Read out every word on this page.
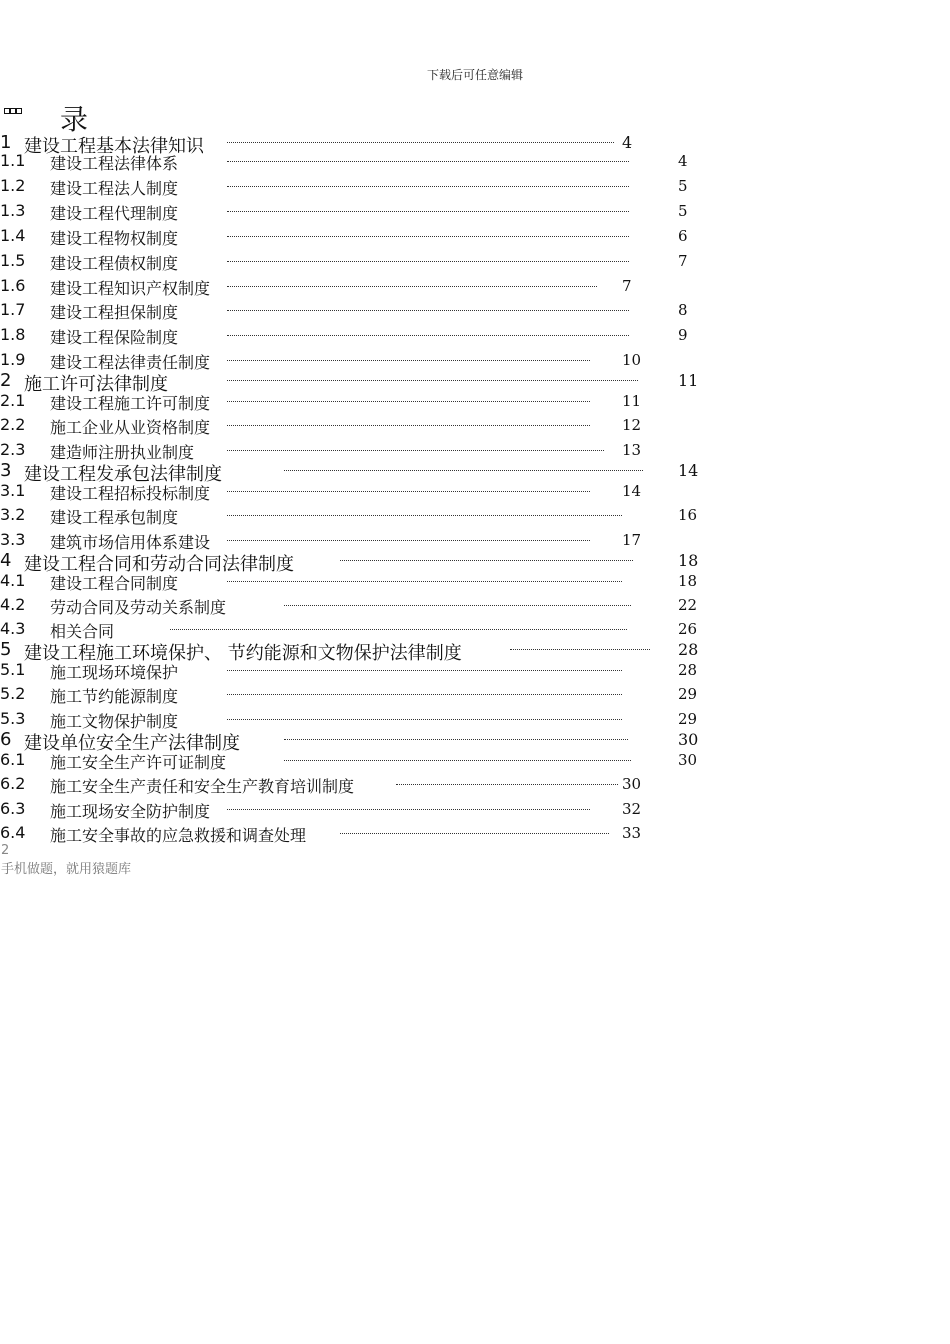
下载后可任意编辑
录
1 建设工程基本法律知识	4
1.1 建设工程法律体系	4
1.2 建设工程法人制度	5
1.3 建设工程代理制度	5
1.4 建设工程物权制度	6
1.5 建设工程债权制度	7
1.6 建设工程知识产权制度	7
1.7 建设工程担保制度	8
1.8 建设工程保险制度	9
1.9 建设工程法律责任制度	10
2 施工许可法律制度	11
2.1 建设工程施工许可制度	11
2.2 施工企业从业资格制度	12
2.3 建造师注册执业制度	13
3 建设工程发承包法律制度	14
3.1 建设工程招标投标制度	14
3.2 建设工程承包制度	16
3.3 建筑市场信用体系建设	17
4 建设工程合同和劳动合同法律制度	18
4.1 建设工程合同制度	18
4.2 劳动合同及劳动关系制度	22
4.3 相关合同	26
5 建设工程施工环境保护、 节约能源和文物保护法律制度	28
5.1 施工现场环境保护	28
5.2 施工节约能源制度	29
5.3 施工文物保护制度	29
6 建设单位安全生产法律制度	30
6.1 施工安全生产许可证制度	30
6.2 施工安全生产责任和安全生产教育培训制度	30
6.3 施工现场安全防护制度	32
6.4 施工安全事故的应急救援和调查处理	33
2
手机做题，就用猿题库
